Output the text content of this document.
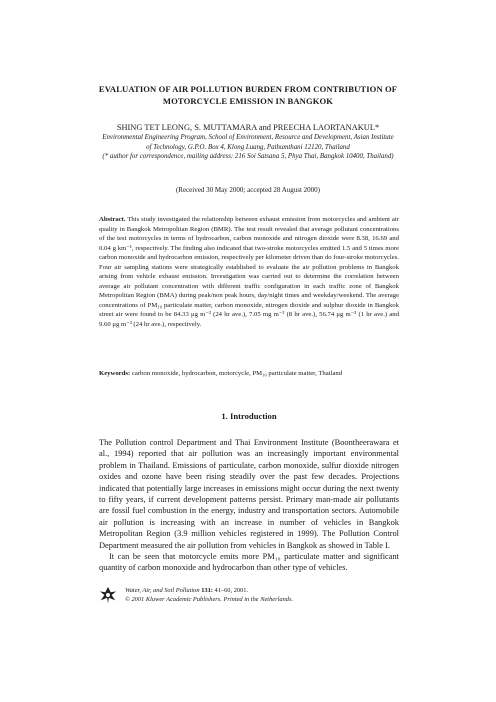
EVALUATION OF AIR POLLUTION BURDEN FROM CONTRIBUTION OF MOTORCYCLE EMISSION IN BANGKOK
SHING TET LEONG, S. MUTTAMARA and PREECHA LAORTANAKUL*
Environmental Engineering Program, School of Environment, Resource and Development, Asian Institute of Technology, G.P.O. Box 4, Klong Luang, Pathumthani 12120, Thailand
(* author for correspondence, mailing address: 216 Soi Satsana 5, Phya Thai, Bangkok 10400, Thailand)
(Received 30 May 2000; accepted 28 August 2000)
Abstract. This study investigated the relationship between exhaust emission from motorcycles and ambient air quality in Bangkok Metropolitan Region (BMR). The test result revealed that average pollutant concentrations of the test motorcycles in terms of hydrocarbon, carbon monoxide and nitrogen dioxide were 8.38, 16.69 and 0.04 g km⁻¹, respectively. The finding also indicated that two-stroke motorcycles emitted 1.5 and 5 times more carbon monoxide and hydrocarbon emission, respectively per kilometer driven than do four-stroke motorcycles. Four air sampling stations were strategically established to evaluate the air pollution problems in Bangkok arising from vehicle exhaust emission. Investigation was carried out to determine the correlation between average air pollutant concentration with different traffic configuration in each traffic zone of Bangkok Metropolitan Region (BMA) during peak/non peak hours, day/night times and weekday/weekend. The average concentrations of PM₁₀ particulate matter, carbon monoxide, nitrogen dioxide and sulphur dioxide in Bangkok street air were found to be 84.33 μg m⁻³ (24 hr ave.), 7.05 mg m⁻³ (8 hr ave.), 56.74 μg m⁻³ (1 hr ave.) and 9.60 μg m⁻³ (24 hr ave.), respectively.
Keywords: carbon monoxide, hydrocarbon, motorcycle, PM₁₀ particulate matter, Thailand
1. Introduction

The Pollution control Department and Thai Environment Institute (Boontheerawara et al., 1994) reported that air pollution was an increasingly important environmental problem in Thailand. Emissions of particulate, carbon monoxide, sulfur dioxide nitrogen oxides and ozone have been rising steadily over the past few decades. Projections indicated that potentially large increases in emissions might occur during the next twenty to fifty years, if current development patterns persist. Primary man-made air pollutants are fossil fuel combustion in the energy, industry and transportation sectors. Automobile air pollution is increasing with an increase in number of vehicles in Bangkok Metropolitan Region (3.9 million vehicles registered in 1999). The Pollution Control Department measured the air pollution from vehicles in Bangkok as showed in Table I.

It can be seen that motorcycle emits more PM₁₀ particulate matter and significant quantity of carbon monoxide and hydrocarbon than other type of vehicles.

Water, Air, and Soil Pollution 131: 41–60, 2001.
© 2001 Kluwer Academic Publishers. Printed in the Netherlands.
